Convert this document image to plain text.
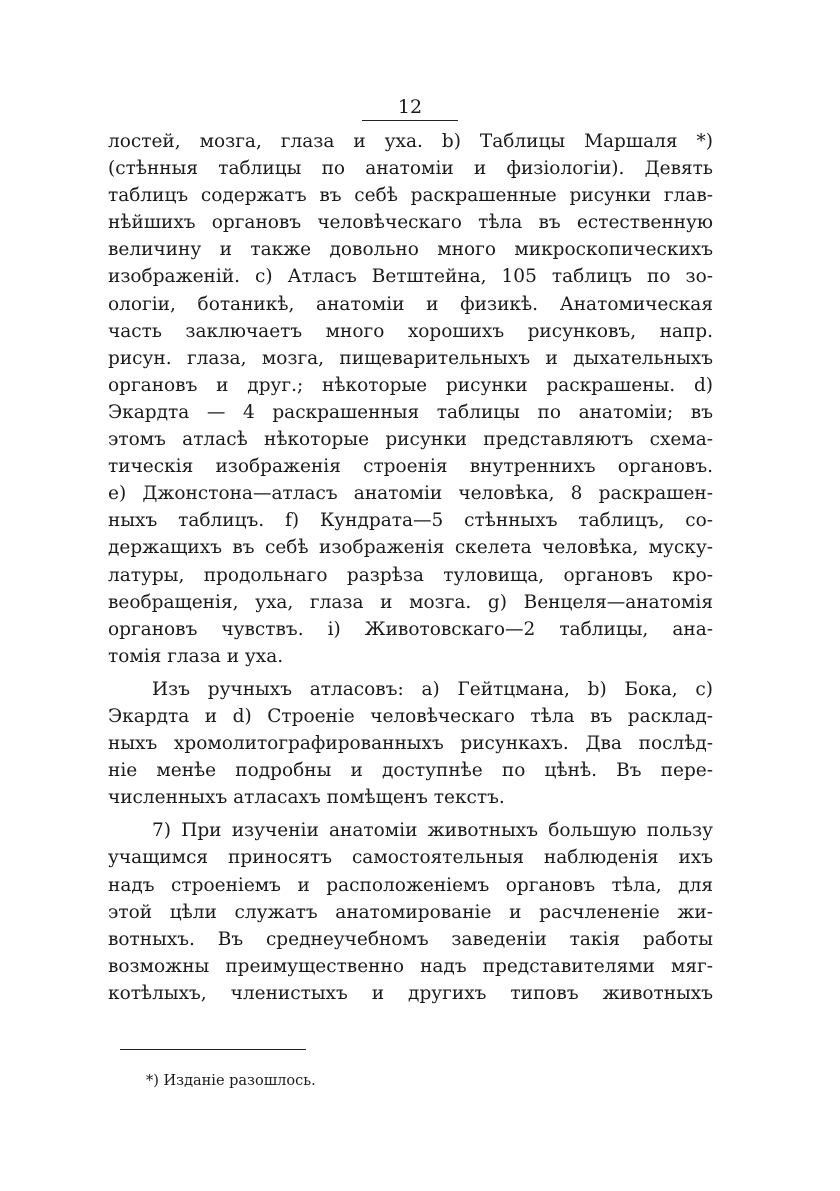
12
лостей, мозга, глаза и уха. b) Таблицы Маршаля *)
(стѣнныя таблицы по анатомiи и физiологiи). Девять
таблицъ содержатъ въ себѣ раскрашенные рисунки глав-
нѣйшихъ органовъ человѣческаго тѣла въ естественную
величину и также довольно много микроскопическихъ
изображенiй. c) Атласъ Ветштейна, 105 таблицъ по зо-
ологiи, ботаникѣ, анатомiи и физикѣ. Анатомическая
часть заключаетъ много хорошихъ рисунковъ, напр.
рисун. глаза, мозга, пищеварительныхъ и дыхательныхъ
органовъ и друг.; нѣкоторые рисунки раскрашены. d)
Экардта — 4 раскрашенныя таблицы по анатомiи; въ
этомъ атласѣ нѣкоторые рисунки представляютъ схема-
тическiя изображенiя строенiя внутреннихъ органовъ.
e) Джонстона—атласъ анатомiи человѣка, 8 раскрашен-
ныхъ таблицъ. f) Кундрата—5 стѣнныхъ таблицъ, со-
держащихъ въ себѣ изображенiя скелета человѣка, муску-
латуры, продольнаго разрѣза туловища, органовъ кро-
веобращенiя, уха, глаза и мозга. g) Венцеля—анатомiя
органовъ чувствъ. i) Животовскаго—2 таблицы, ана-
томiя глаза и уха.
Изъ ручныхъ атласовъ: а) Гейтцмана, b) Бока, c)
Экардта и d) Строенiе человѣческаго тѣла въ расклад-
ныхъ хромолитографированныхъ рисункахъ. Два послѣд-
нiе менѣе подробны и доступнѣе по цѣнѣ. Въ пере-
численныхъ атласахъ помѣщенъ текстъ.
7) При изученiи анатомiи животныхъ большую пользу
учащимся приносятъ самостоятельныя наблюденiя ихъ
надъ строенiемъ и расположенiемъ органовъ тѣла, для
этой цѣли служатъ анатомированiе и расчлененiе жи-
вотныхъ. Въ среднеучебномъ заведенiи такiя работы
возможны преимущественно надъ представителями мяг-
котѣлыхъ, членистыхъ и другихъ типовъ животныхъ
*) Изданiе разошлось.
